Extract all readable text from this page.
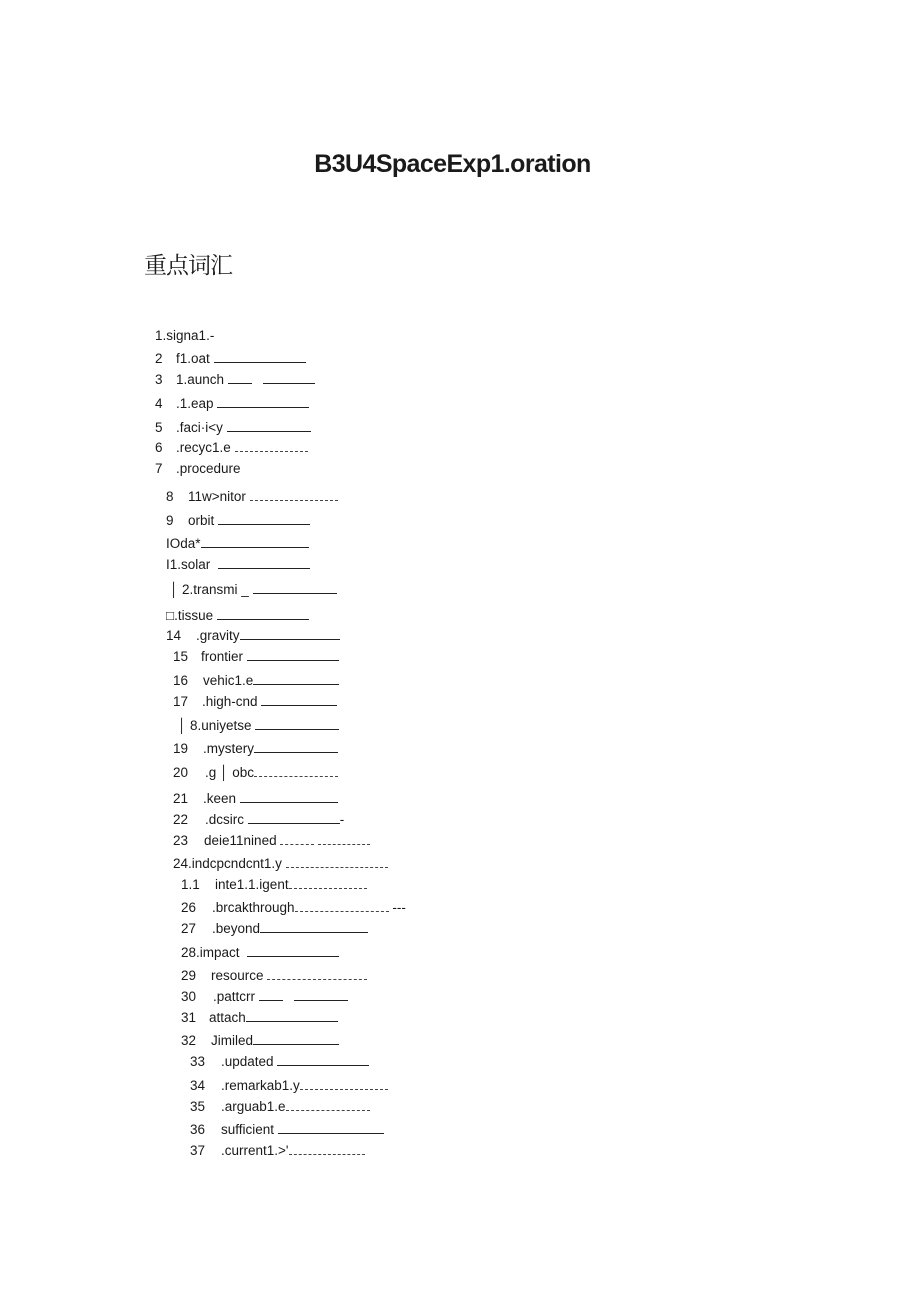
B3U4SpaceExp1.oration
重点词汇

1.signa1.-

2 f1.oat

3 1.aunch

4 .1.eap

5 .faci·i<y

6 .recyc1.e

7 .procedure

8 11w>nitor

9 orbit

IOda*

I1.solar

│ 2.transmi _

□.tissue

14 .gravity

15 frontier

16 vehic1.e

17 .high-cnd

│ 8.uniyetse

19 .mystery

20 .g │ obc

21 .keen

22 .dcsirc	-

23 deie11nined

24.indcpcndcnt1.y

1.1 inte1.1.igent

26 .brcakthrough	---

27 .beyond

28.impact

29 resource

30 .pattcrr

31 attach

32 Jimiled

33 .updated

34 .remarkab1.y

35 .arguab1.e

36 sufficient

37 .current1.>'
